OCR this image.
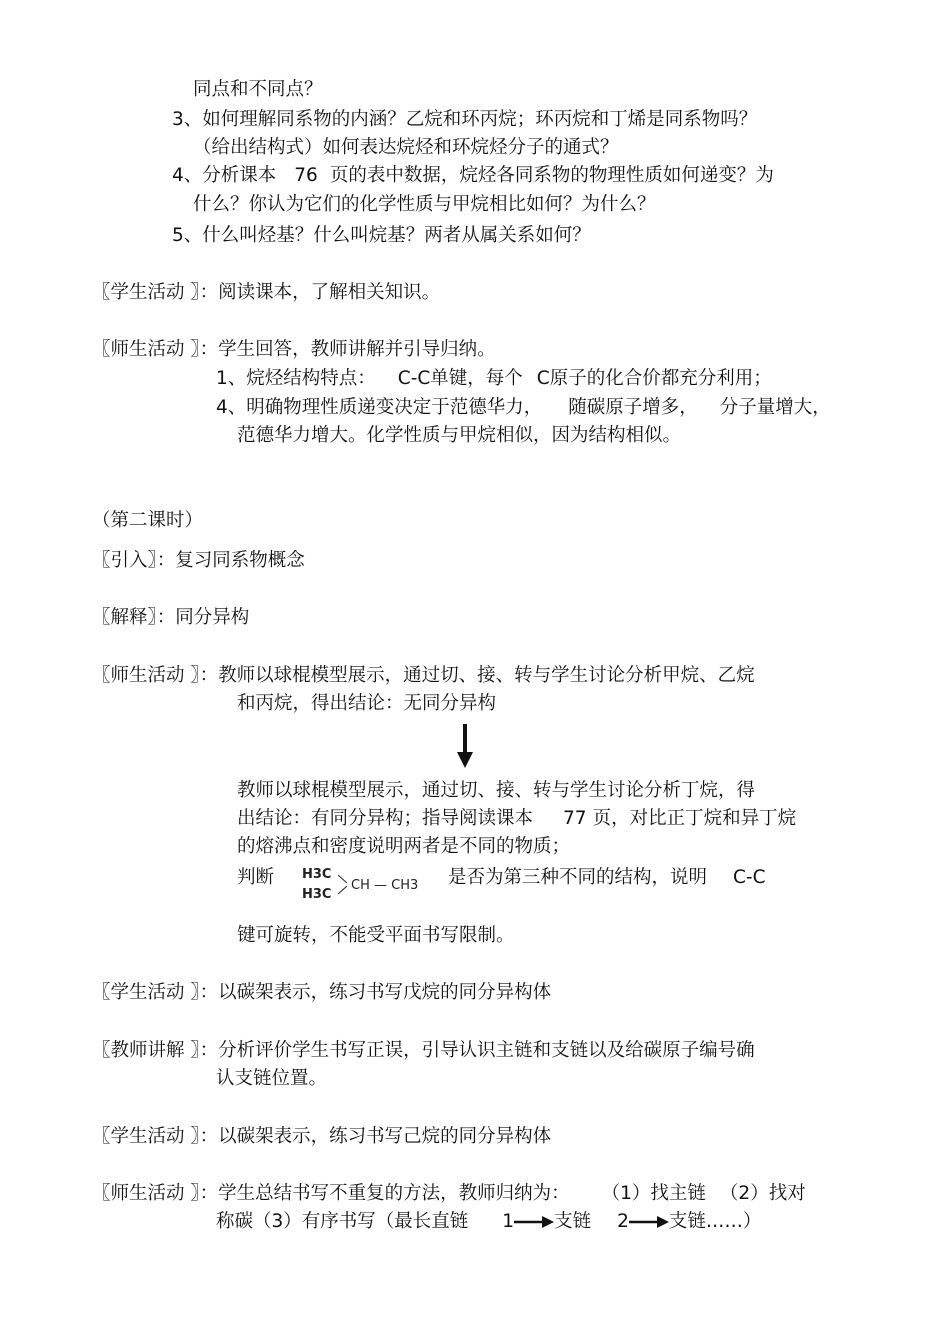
同点和不同点？
3、如何理解同系物的内涵？乙烷和环丙烷；环丙烷和丁烯是同系物吗？
（给出结构式）如何表达烷烃和环烷烃分子的通式？
4、分析课本 76 页的表中数据，烷烃各同系物的物理性质如何递变？为
什么？你认为它们的化学性质与甲烷相比如何？为什么？
5、什么叫烃基？什么叫烷基？两者从属关系如何？
〖学生活动 〗：阅读课本，了解相关知识。
〖师生活动 〗：学生回答，教师讲解并引导归纳。
1、烷烃结构特点： C-C单键，每个 C原子的化合价都充分利用；
4、明确物理性质递变决定于范德华力， 随碳原子增多， 分子量增大，
范德华力增大。化学性质与甲烷相似，因为结构相似。
（第二课时）
〖引入〗：复习同系物概念
〖解释〗：同分异构
〖师生活动 〗：教师以球棍模型展示，通过切、接、转与学生讨论分析甲烷、乙烷
和丙烷，得出结论：无同分异构
教师以球棍模型展示，通过切、接、转与学生讨论分析丁烷，得
出结论：有同分异构；指导阅读课本 77 页，对比正丁烷和异丁烷
的熔沸点和密度说明两者是不同的物质；
判断 H3C
H3C
CH — CH3 是否为第三种不同的结构，说明 C-C
键可旋转，不能受平面书写限制。
〖学生活动 〗：以碳架表示，练习书写戊烷的同分异构体
〖教师讲解 〗：分析评价学生书写正误，引导认识主链和支链以及给碳原子编号确
认支链位置。
〖学生活动 〗：以碳架表示，练习书写己烷的同分异构体
〖师生活动 〗：学生总结书写不重复的方法，教师归纳为： （1）找主链 （2）找对
称碳（3）有序书写（最长直链 1 支链 2 支链……）
